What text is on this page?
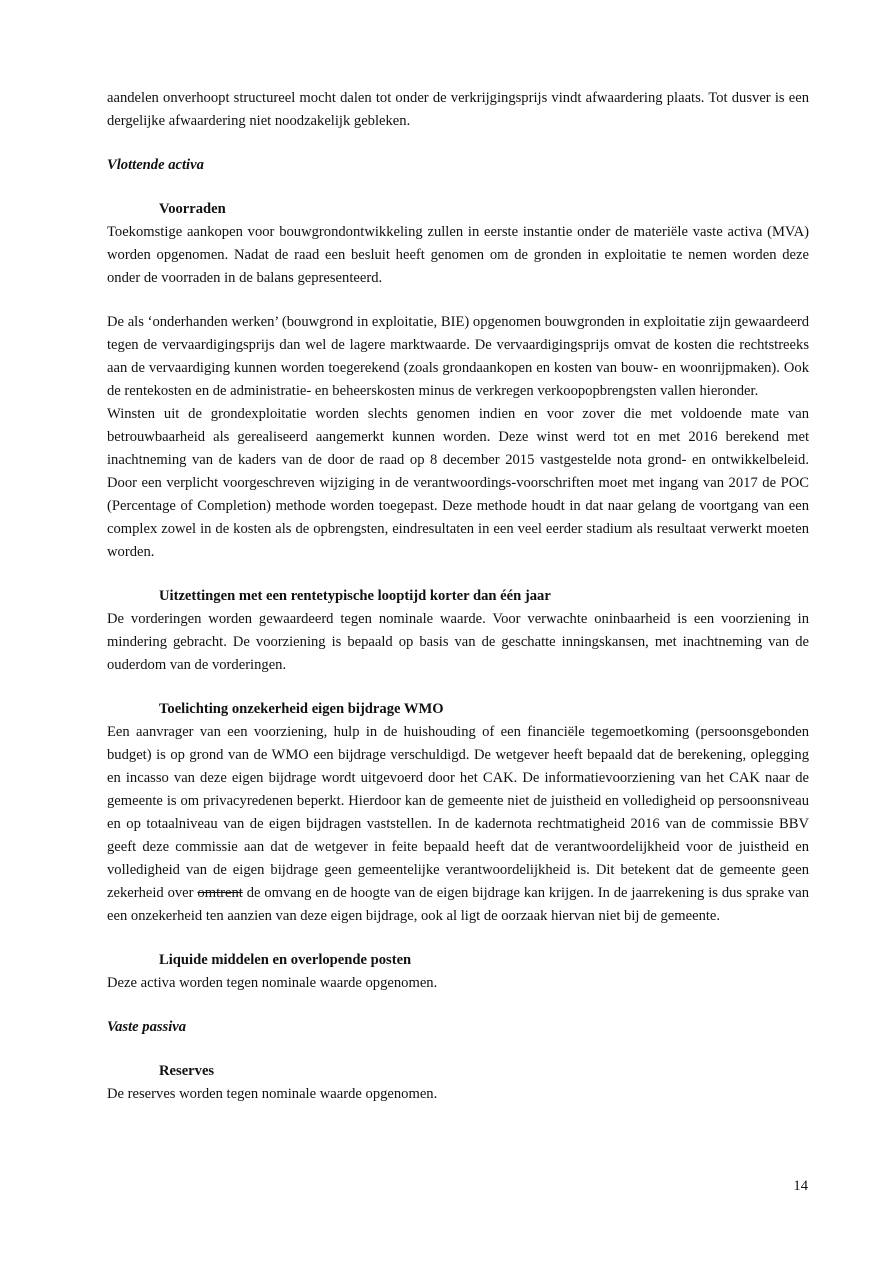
aandelen onverhoopt structureel mocht dalen tot onder de verkrijgingsprijs vindt afwaardering plaats. Tot dusver is een dergelijke afwaardering niet noodzakelijk gebleken.

Vlottende activa

Voorraden

Toekomstige aankopen voor bouwgrondontwikkeling zullen in eerste instantie onder de materiële vaste activa (MVA) worden opgenomen. Nadat de raad een besluit heeft genomen om de gronden in exploitatie te nemen worden deze onder de voorraden in de balans gepresenteerd.

De als ‘onderhanden werken’ (bouwgrond in exploitatie, BIE) opgenomen bouwgronden in exploitatie zijn gewaardeerd tegen de vervaardigingsprijs dan wel de lagere marktwaarde. De vervaardigingsprijs omvat de kosten die rechtstreeks aan de vervaardiging kunnen worden toegerekend (zoals grondaankopen en kosten van bouw- en woonrijpmaken). Ook de rentekosten en de administratie- en beheerskosten minus de verkregen verkoopopbrengsten vallen hieronder.

Winsten uit de grondexploitatie worden slechts genomen indien en voor zover die met voldoende mate van betrouwbaarheid als gerealiseerd aangemerkt kunnen worden. Deze winst werd tot en met 2016 berekend met inachtneming van de kaders van de door de raad op 8 december 2015 vastgestelde nota grond- en ontwikkelbeleid. Door een verplicht voorgeschreven wijziging in de verantwoordings-voorschriften moet met ingang van 2017 de POC (Percentage of Completion) methode worden toegepast. Deze methode houdt in dat naar gelang de voortgang van een complex zowel in de kosten als de opbrengsten, eindresultaten in een veel eerder stadium als resultaat verwerkt moeten worden.

Uitzettingen met een rentetypische looptijd korter dan één jaar

De vorderingen worden gewaardeerd tegen nominale waarde. Voor verwachte oninbaarheid is een voorziening in mindering gebracht. De voorziening is bepaald op basis van de geschatte inningskansen, met inachtneming van de ouderdom van de vorderingen.

Toelichting onzekerheid eigen bijdrage WMO

Een aanvrager van een voorziening, hulp in de huishouding of een financiële tegemoetkoming (persoonsgebonden budget) is op grond van de WMO een bijdrage verschuldigd. De wetgever heeft bepaald dat de berekening, oplegging en incasso van deze eigen bijdrage wordt uitgevoerd door het CAK. De informatievoorziening van het CAK naar de gemeente is om privacyredenen beperkt. Hierdoor kan de gemeente niet de juistheid en volledigheid op persoonsniveau en op totaalniveau van de eigen bijdragen vaststellen. In de kadernota rechtmatigheid 2016 van de commissie BBV geeft deze commissie aan dat de wetgever in feite bepaald heeft dat de verantwoordelijkheid voor de juistheid en volledigheid van de eigen bijdrage geen gemeentelijke verantwoordelijkheid is. Dit betekent dat de gemeente geen zekerheid over omtrent de omvang en de hoogte van de eigen bijdrage kan krijgen. In de jaarrekening is dus sprake van een onzekerheid ten aanzien van deze eigen bijdrage, ook al ligt de oorzaak hiervan niet bij de gemeente.

Liquide middelen en overlopende posten

Deze activa worden tegen nominale waarde opgenomen.

Vaste passiva

Reserves

De reserves worden tegen nominale waarde opgenomen.

14
